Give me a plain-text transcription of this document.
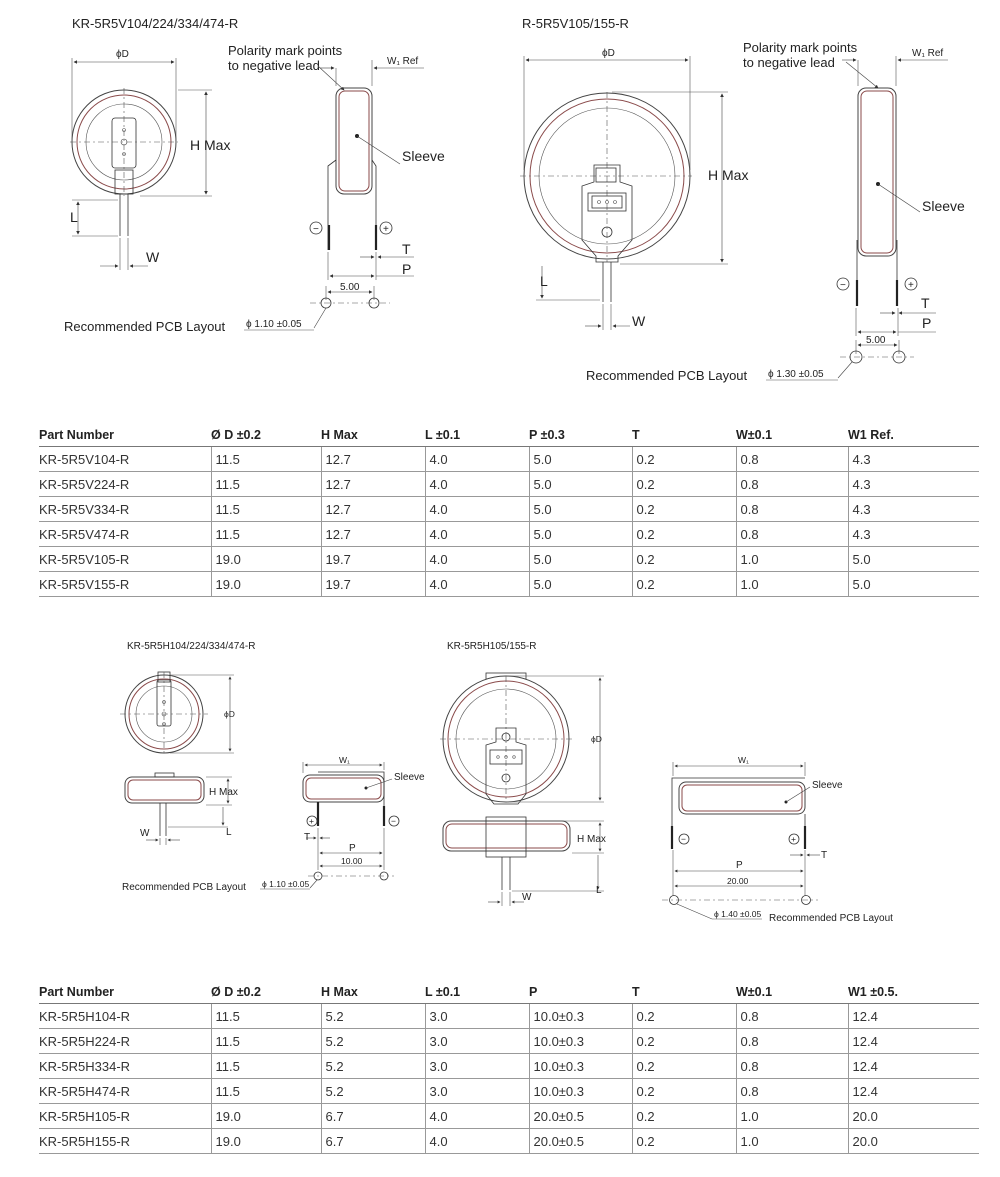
KR-5R5V104/224/334/474-R
ϕD
H Max
L
W
Polarity mark points
to negative lead	W₁ Ref
Sleeve
−	+
T
P
5.00
ϕ 1.10 ±0.05
Recommended PCB Layout
R-5R5V105/155-R
ϕD
H Max
L
W
Polarity mark points
to negative lead
W₁ Ref
Sleeve
−	+
T
P
5.00
ϕ 1.30 ±0.05
Recommended PCB Layout
Part Number	Ø D ±0.2	H Max	L ±0.1	P ±0.3	T	W±0.1	W1 Ref.
KR-5R5V104-R	11.5	12.7	4.0	5.0	0.2	0.8	4.3
KR-5R5V224-R	11.5	12.7	4.0	5.0	0.2	0.8	4.3
KR-5R5V334-R	11.5	12.7	4.0	5.0	0.2	0.8	4.3
KR-5R5V474-R	11.5	12.7	4.0	5.0	0.2	0.8	4.3
KR-5R5V105-R	19.0	19.7	4.0	5.0	0.2	1.0	5.0
KR-5R5V155-R	19.0	19.7	4.0	5.0	0.2	1.0	5.0
KR-5R5H104/224/334/474-R
ϕD
H Max
L
W
W₁
Sleeve
+	−
T
P
10.00
ϕ 1.10 ±0.05
Recommended PCB Layout
KR-5R5H105/155-R
ϕD
H Max
L
W
W₁
Sleeve
−	+
T
P
20.00
ϕ 1.40 ±0.05 Recommended PCB Layout
Part Number	Ø D ±0.2	H Max	L ±0.1	P	T	W±0.1	W1 ±0.5.
KR-5R5H104-R	11.5	5.2	3.0	10.0±0.3	0.2	0.8	12.4
KR-5R5H224-R	11.5	5.2	3.0	10.0±0.3	0.2	0.8	12.4
KR-5R5H334-R	11.5	5.2	3.0	10.0±0.3	0.2	0.8	12.4
KR-5R5H474-R	11.5	5.2	3.0	10.0±0.3	0.2	0.8	12.4
KR-5R5H105-R	19.0	6.7	4.0	20.0±0.5	0.2	1.0	20.0
KR-5R5H155-R	19.0	6.7	4.0	20.0±0.5	0.2	1.0	20.0
